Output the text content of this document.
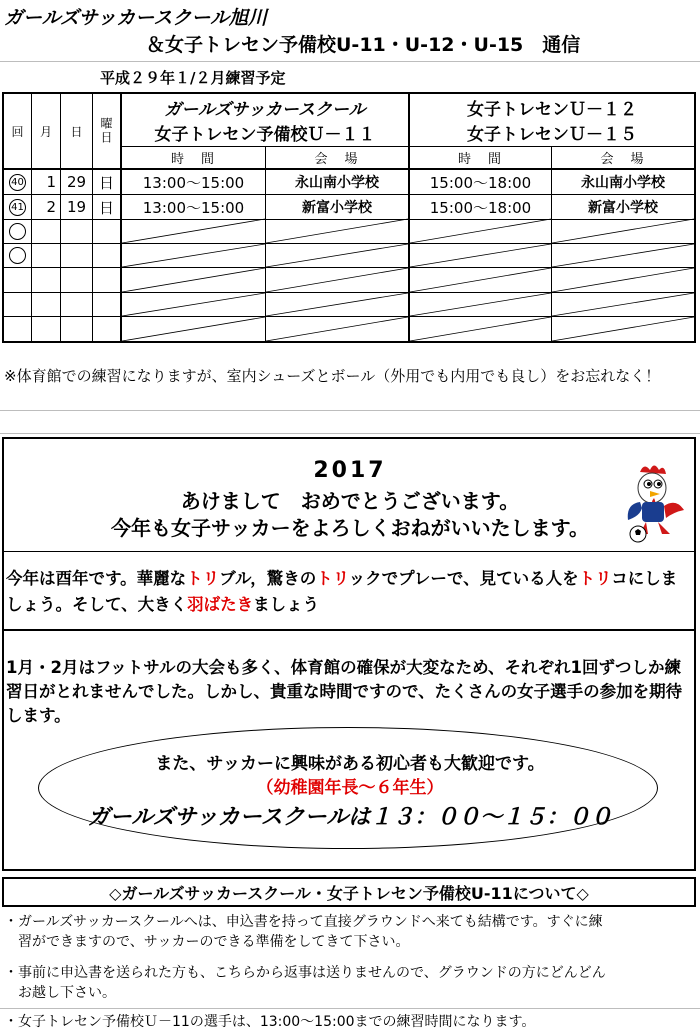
ガールズサッカースクール旭川
＆女子トレセン予備校U-11・U-12・U-15　通信
平成２９年１/２月練習予定
回	月	日	曜日
ガールズサッカースクール
女子トレセン予備校Ｕ－１１
女子トレセンＵ－１２
女子トレセンＵ－１５
時　間	会　場	時　間	会　場
40	1 29 日	13:00〜15:00	永山南小学校	15:00〜18:00	永山南小学校
41	2 19 日	13:00〜15:00	新富小学校	15:00〜18:00	新富小学校
※体育館での練習になりますが、室内シューズとボール（外用でも内用でも良し）をお忘れなく！
2017
あけまして　おめでとうございます。
今年も女子サッカーをよろしくおねがいいたします。
今年は酉年です。華麗なトリブル，驚きのトリックでプレーで、見ている人をトリコにしましょう。そして、大きく羽ばたきましょう
1月・2月はフットサルの大会も多く、体育館の確保が大変なため、それぞれ1回ずつしか練習日がとれませんでした。しかし、貴重な時間ですので、たくさんの女子選手の参加を期待します。
また、サッカーに興味がある初心者も大歓迎です。
（幼稚園年長〜６年生）
ガールズサッカースクールは１３：００〜１５：００
◇ガールズサッカースクール・女子トレセン予備校U-11について◇
・ガールズサッカースクールへは、申込書を持って直接グラウンドへ来ても結構です。すぐに練
　習ができますので、サッカーのできる準備をしてきて下さい。
・事前に申込書を送られた方も、こちらから返事は送りませんので、グラウンドの方にどんどん
　お越し下さい。
・女子トレセン予備校Ｕ－11の選手は、13:00〜15:00までの練習時間になります。
